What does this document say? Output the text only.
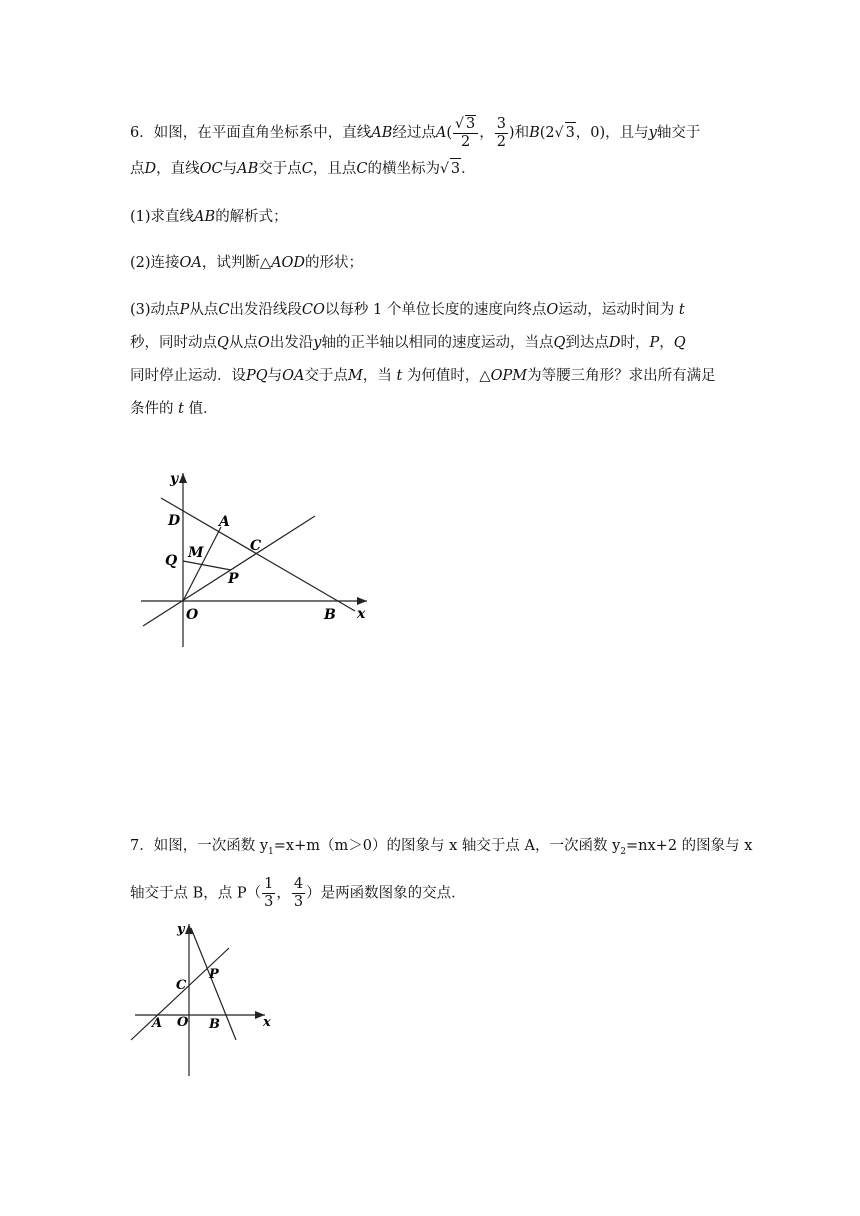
6．如图，在平面直角坐标系中，直线AB经过点$A( \frac{√ 3}{2}$ ， $\frac{3}{2}$ )和B(2√ 3，0)，且与y轴交于
点D，直线OC与AB交于点C，且点C的横坐标为√ 3．
(1)求直线AB的解析式；
(2)连接OA，试判断△AOD的形状；
(3)动点P从点C出发沿线段CO以每秒 1 个单位长度的速度向终点O运动，运动时间为 t
秒，同时动点Q从点O出发沿y轴的正半轴以相同的速度运动，当点Q到达点D时，P，Q
同时停止运动．设PQ与OA交于点M，当 t 为何值时，△OPM为等腰三角形？求出所有满足
条件的 t 值．
y
x
D	A
C
Q M
P
O	B
7．如图，一次函数 $y_1=x+m(m>0)$的图象与 x 轴交于点 A，一次函数 $y_2=nx+2$ 的图象与 x
轴交于点 B，点 $P( \frac{1}{3}$ ， $\frac{4}{3}$ ）是两函数图象的交点．
y
x
C
P
A O B
